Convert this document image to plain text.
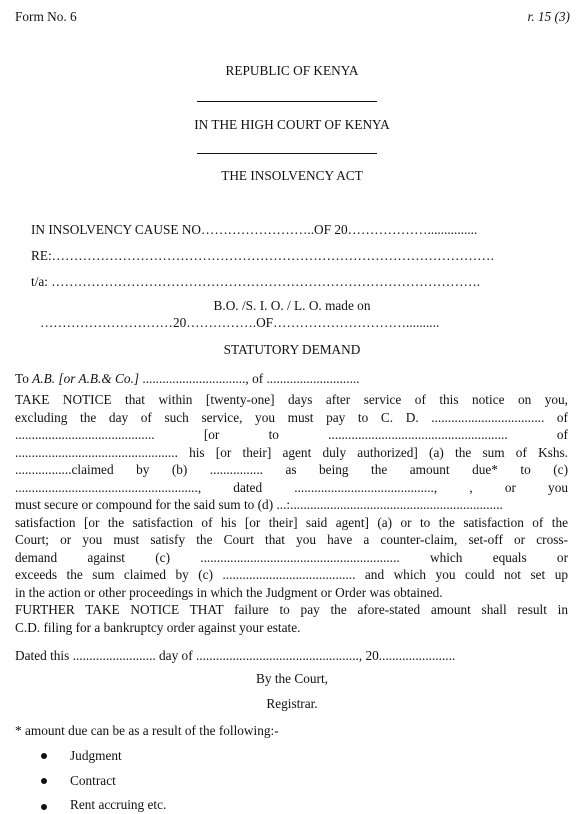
Form No. 6	r. 15 (3)
REPUBLIC OF KENYA
IN THE HIGH COURT OF KENYA
THE INSOLVENCY ACT
IN INSOLVENCY CAUSE NO……………………..OF 20………………...............
RE:……………………………………………………………………………………….
t/a: …………………………………………………………………………………….
B.O. /S. I. O. / L. O. made on
…………………………20…………….OF…………………………..........
STATUTORY DEMAND
To A.B. [or A.B.& Co.] ..............................., of ............................
TAKE NOTICE that within [twenty-one] days after service of this notice on you,
excluding the day of such service, you must pay to C. D. .................................. of
.......................................... [or to ...................................................... of
................................................. his [or their] agent duly authorized] (a) the sum of Kshs.
.................claimed by (b) ................ as being the amount due* to (c)
......................................................., dated .........................................., , or you
must secure or compound for the said sum to (d) ...:................................................................
satisfaction [or the satisfaction of his [or their] said agent] (a) or to the satisfaction of the
Court; or you must satisfy the Court that you have a counter-claim, set-off or cross-
demand against (c) ............................................................ which equals or
exceeds the sum claimed by (c) ........................................ and which you could not set up
in the action or other proceedings in which the Judgment or Order was obtained.
FURTHER TAKE NOTICE THAT failure to pay the afore-stated amount shall result in
C.D. filing for a bankruptcy order against your estate.
Dated this ......................... day of ................................................., 20.......................
By the Court,
Registrar.
* amount due can be as a result of the following:-
Judgment
Contract
Rent accruing etc.
